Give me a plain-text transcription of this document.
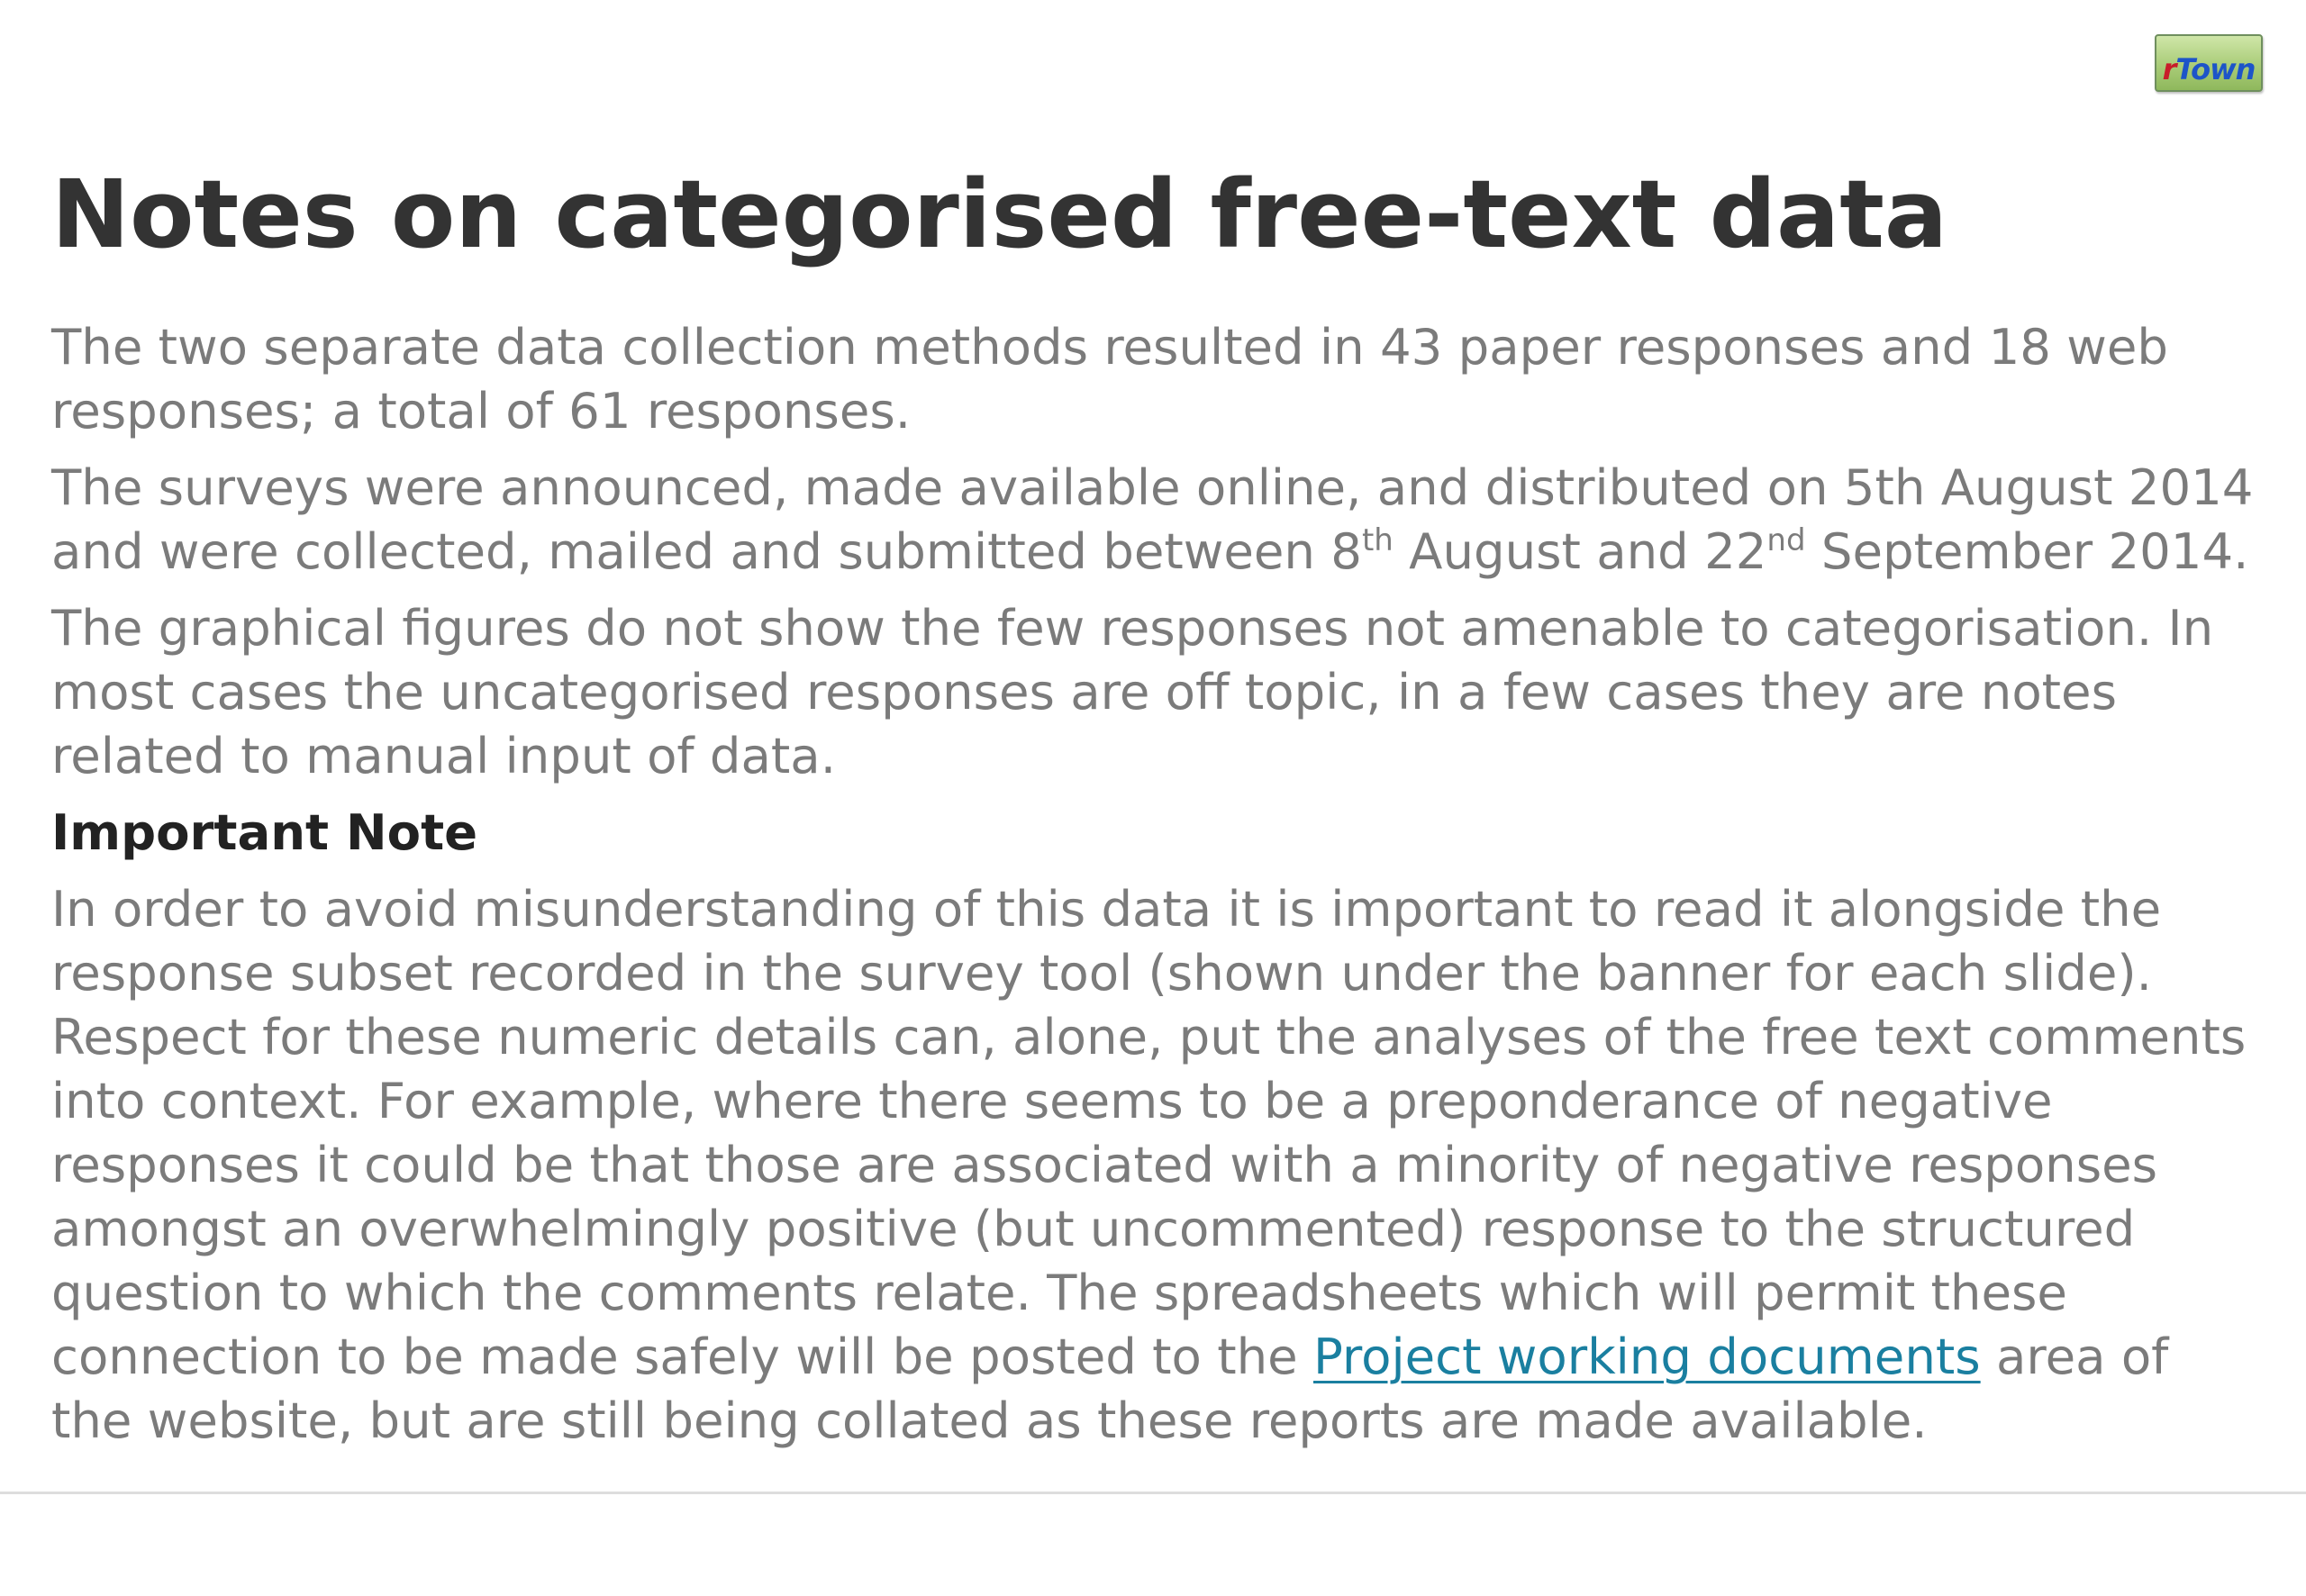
r Town
Notes on categorised free-text data

The two separate data collection methods resulted in 43 paper responses and 18 web
responses; a total of 61 responses.

The surveys were announced, made available online, and distributed on 5th August 2014
and were collected, mailed and submitted between 8th August and 22nd September 2014.

The graphical figures do not show the few responses not amenable to categorisation. In
most cases the uncategorised responses are off topic, in a few cases they are notes
related to manual input of data.

Important Note

In order to avoid misunderstanding of this data it is important to read it alongside the
response subset recorded in the survey tool (shown under the banner for each slide).
Respect for these numeric details can, alone, put the analyses of the free text comments
into context. For example, where there seems to be a preponderance of negative
responses it could be that those are associated with a minority of negative responses
amongst an overwhelmingly positive (but uncommented) response to the structured
question to which the comments relate. The spreadsheets which will permit these
connection to be made safely will be posted to the Project working documents area of
the website, but are still being collated as these reports are made available.
